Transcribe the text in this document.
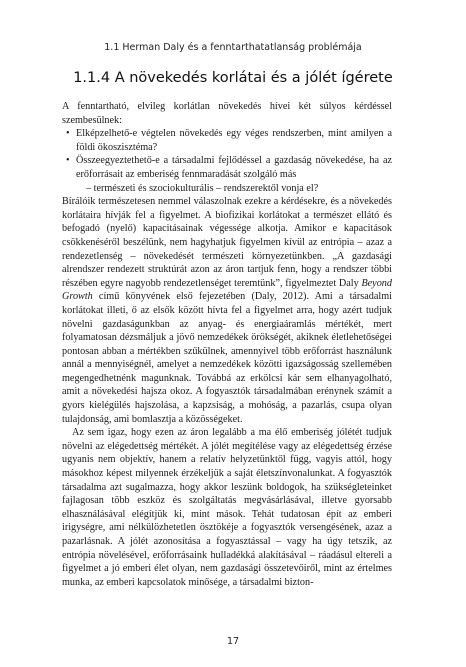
1.1 Herman Daly és a fenntarthatatlanság problémája
1.1.4 A növekedés korlátai és a jólét ígérete

A fenntartható, elvileg korlátlan növekedés hívei két súlyos kérdéssel szembesülnek:

• Elképzelhető-e végtelen növekedés egy véges rendszerben, mint amilyen a földi ökoszisztéma?
• Összeegyeztethető-e a társadalmi fejlődéssel a gazdaság növekedése, ha az erőforrásait az emberiség fennmaradását szolgáló más
– természeti és szociokulturális – rendszerektől vonja el?

Bírálóik természetesen nemmel válaszolnak ezekre a kérdésekre, és a növekedés korlátaira hívják fel a figyelmet. A biofizikai korlátokat a természet ellátó és befogadó (nyelő) kapacitásainak végessége alkotja. Amikor e kapacitások csökkenéséről beszélünk, nem hagyhatjuk figyelmen kívül az entrópia – azaz a rendezetlenség – növekedését természeti környezetünkben. „A gazdasági alrendszer rendezett struktúrát azon az áron tartjuk fenn, hogy a rendszer többi részében egyre nagyobb rendezetlenséget teremtünk”, figyelmeztet Daly Beyond Growth című könyvének első fejezetében (Daly, 2012). Ami a társadalmi korlátokat illeti, ő az elsők között hívta fel a figyelmet arra, hogy azért tudjuk növelni gazdaságunkban az anyag- és energiaáramlás mértékét, mert folyamatosan dézsmáljuk a jövő nemzedékek örökségét, akiknek életlehetőségei pontosan abban a mértékben szűkülnek, amennyivel több erőforrást használunk annál a mennyiségnél, amelyet a nemzedékek közötti igazságosság szellemében megengedhetnénk magunknak. Továbbá az erkölcsi kár sem elhanyagolható, amit a növekedési hajsza okoz. A fogyasztók társadalmában erénynek számít a gyors kielégülés hajszolása, a kapzsiság, a mohóság, a pazarlás, csupa olyan tulajdonság, ami bomlasztja a közösségeket.

Az sem igaz, hogy ezen az áron legalább a ma élő emberiség jólétét tudjuk növelni az elégedettség mértékét. A jólét megítélése vagy az elégedettség érzése ugyanis nem objektív, hanem a relatív helyzetünktől függ, vagyis attól, hogy másokhoz képest milyennek érzékeljük a saját életszínvonalunkat. A fogyasztók társadalma azt sugalmazza, hogy akkor leszünk boldogok, ha szükségleteinket fajlagosan több eszköz és szolgáltatás megvásárlásával, illetve gyorsabb elhasználásával elégítjük ki, mint mások. Tehát tudatosan épít az emberi irigységre, ami nélkülözhetetlen ösztökéje a fogyasztók versengésének, azaz a pazarlásnak. A jólét azonosítása a fogyasztással – vagy ha úgy tetszik, az entrópia növelésével, erőforrásaink hulladékká alakításával – ráadásul eltereli a figyelmet a jó emberi élet olyan, nem gazdasági összetevőiről, mint az értelmes munka, az emberi kapcsolatok minősége, a társadalmi bizton-

17
